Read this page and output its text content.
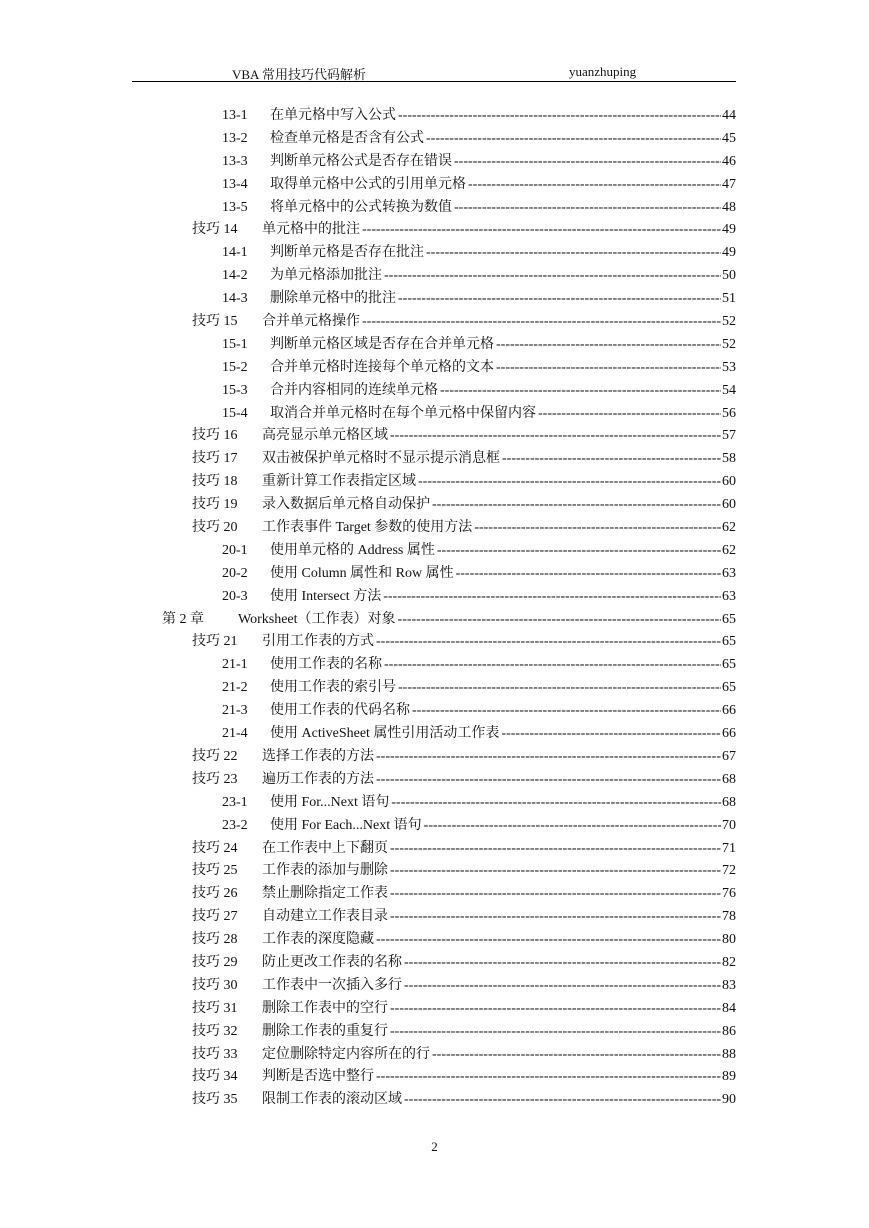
VBA 常用技巧代码解析	yuanzhuping
13-1	在单元格中写入公式 -----	44
13-2	检查单元格是否含有公式 -----	45
13-3	判断单元格公式是否存在错误 -----	46
13-4	取得单元格中公式的引用单元格 -----	47
13-5	将单元格中的公式转换为数值 -----	48
技巧 14	单元格中的批注 -----	49
14-1	判断单元格是否存在批注 -----	49
14-2	为单元格添加批注 -----	50
14-3	删除单元格中的批注 -----	51
技巧 15	合并单元格操作 -----	52
15-1	判断单元格区域是否存在合并单元格 -----	52
15-2	合并单元格时连接每个单元格的文本 -----	53
15-3	合并内容相同的连续单元格 -----	54
15-4	取消合并单元格时在每个单元格中保留内容 -----	56
技巧 16	高亮显示单元格区域 -----	57
技巧 17	双击被保护单元格时不显示提示消息框 -----	58
技巧 18	重新计算工作表指定区域 -----	60
技巧 19	录入数据后单元格自动保护 -----	60
技巧 20	工作表事件 Target 参数的使用方法 -----	62
20-1	使用单元格的 Address 属性 -----	62
20-2	使用 Column 属性和 Row 属性 -----	63
20-3	使用 Intersect 方法 -----	63
第 2 章	Worksheet（工作表）对象 -----	65
技巧 21	引用工作表的方式 -----	65
21-1	使用工作表的名称 -----	65
21-2	使用工作表的索引号 -----	65
21-3	使用工作表的代码名称 -----	66
21-4	使用 ActiveSheet 属性引用活动工作表 -----	66
技巧 22	选择工作表的方法 -----	67
技巧 23	遍历工作表的方法 -----	68
23-1	使用 For...Next 语句 -----	68
23-2	使用 For Each...Next 语句 -----	70
技巧 24	在工作表中上下翻页 -----	71
技巧 25	工作表的添加与删除 -----	72
技巧 26	禁止删除指定工作表 -----	76
技巧 27	自动建立工作表目录 -----	78
技巧 28	工作表的深度隐藏 -----	80
技巧 29	防止更改工作表的名称 -----	82
技巧 30	工作表中一次插入多行 -----	83
技巧 31	删除工作表中的空行 -----	84
技巧 32	删除工作表的重复行 -----	86
技巧 33	定位删除特定内容所在的行 -----	88
技巧 34	判断是否选中整行 -----	89
技巧 35	限制工作表的滚动区域 -----	90
2
